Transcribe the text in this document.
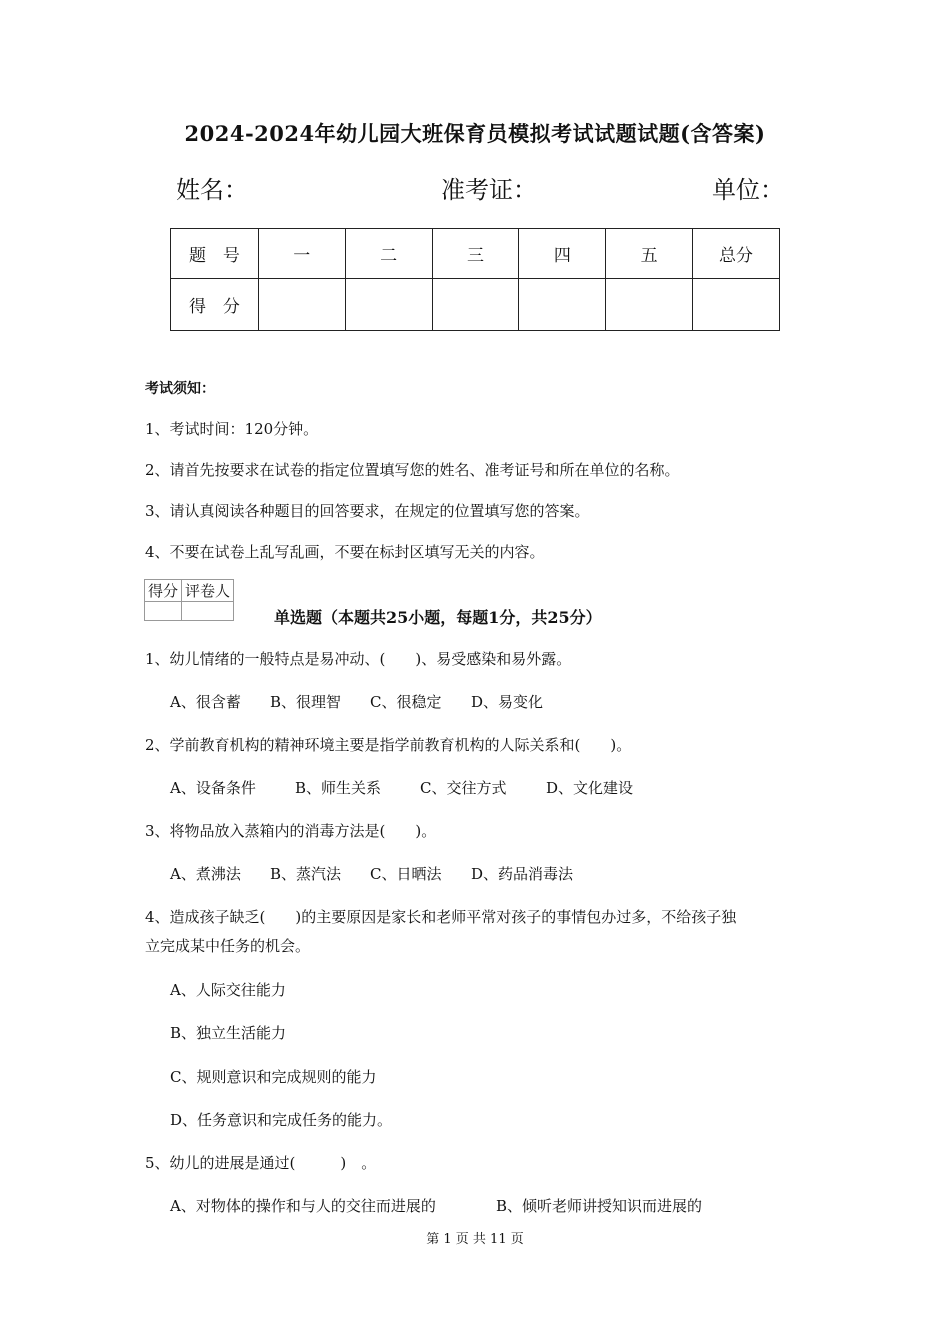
2024-2024年幼儿园大班保育员模拟考试试题试题(含答案)
姓名：	准考证：	单位：
题　号	一	二	三	四	五	总分
得　分						
考试须知：
1、考试时间：120分钟。
2、请首先按要求在试卷的指定位置填写您的姓名、准考证号和所在单位的名称。
3、请认真阅读各种题目的回答要求，在规定的位置填写您的答案。
4、不要在试卷上乱写乱画，不要在标封区填写无关的内容。
得分	评卷人

单选题（本题共25小题，每题1分，共25分）
1、幼儿情绪的一般特点是易冲动、(　　)、易受感染和易外露。
A、很含蓄 B、很理智 C、很稳定 D、易变化
2、学前教育机构的精神环境主要是指学前教育机构的人际关系和(　　)。
A、设备条件	B、师生关系	C、交往方式	D、文化建设
3、将物品放入蒸箱内的消毒方法是(　　)。
A、煮沸法 B、蒸汽法 C、日晒法 D、药品消毒法
4、造成孩子缺乏(　　)的主要原因是家长和老师平常对孩子的事情包办过多，不给孩子独
立完成某中任务的机会。
A、人际交往能力
B、独立生活能力
C、规则意识和完成规则的能力
D、任务意识和完成任务的能力。
5、幼儿的进展是通过(　　　)　。
A、对物体的操作和与人的交往而进展的	B、倾听老师讲授知识而进展的
第 1 页 共 11 页
